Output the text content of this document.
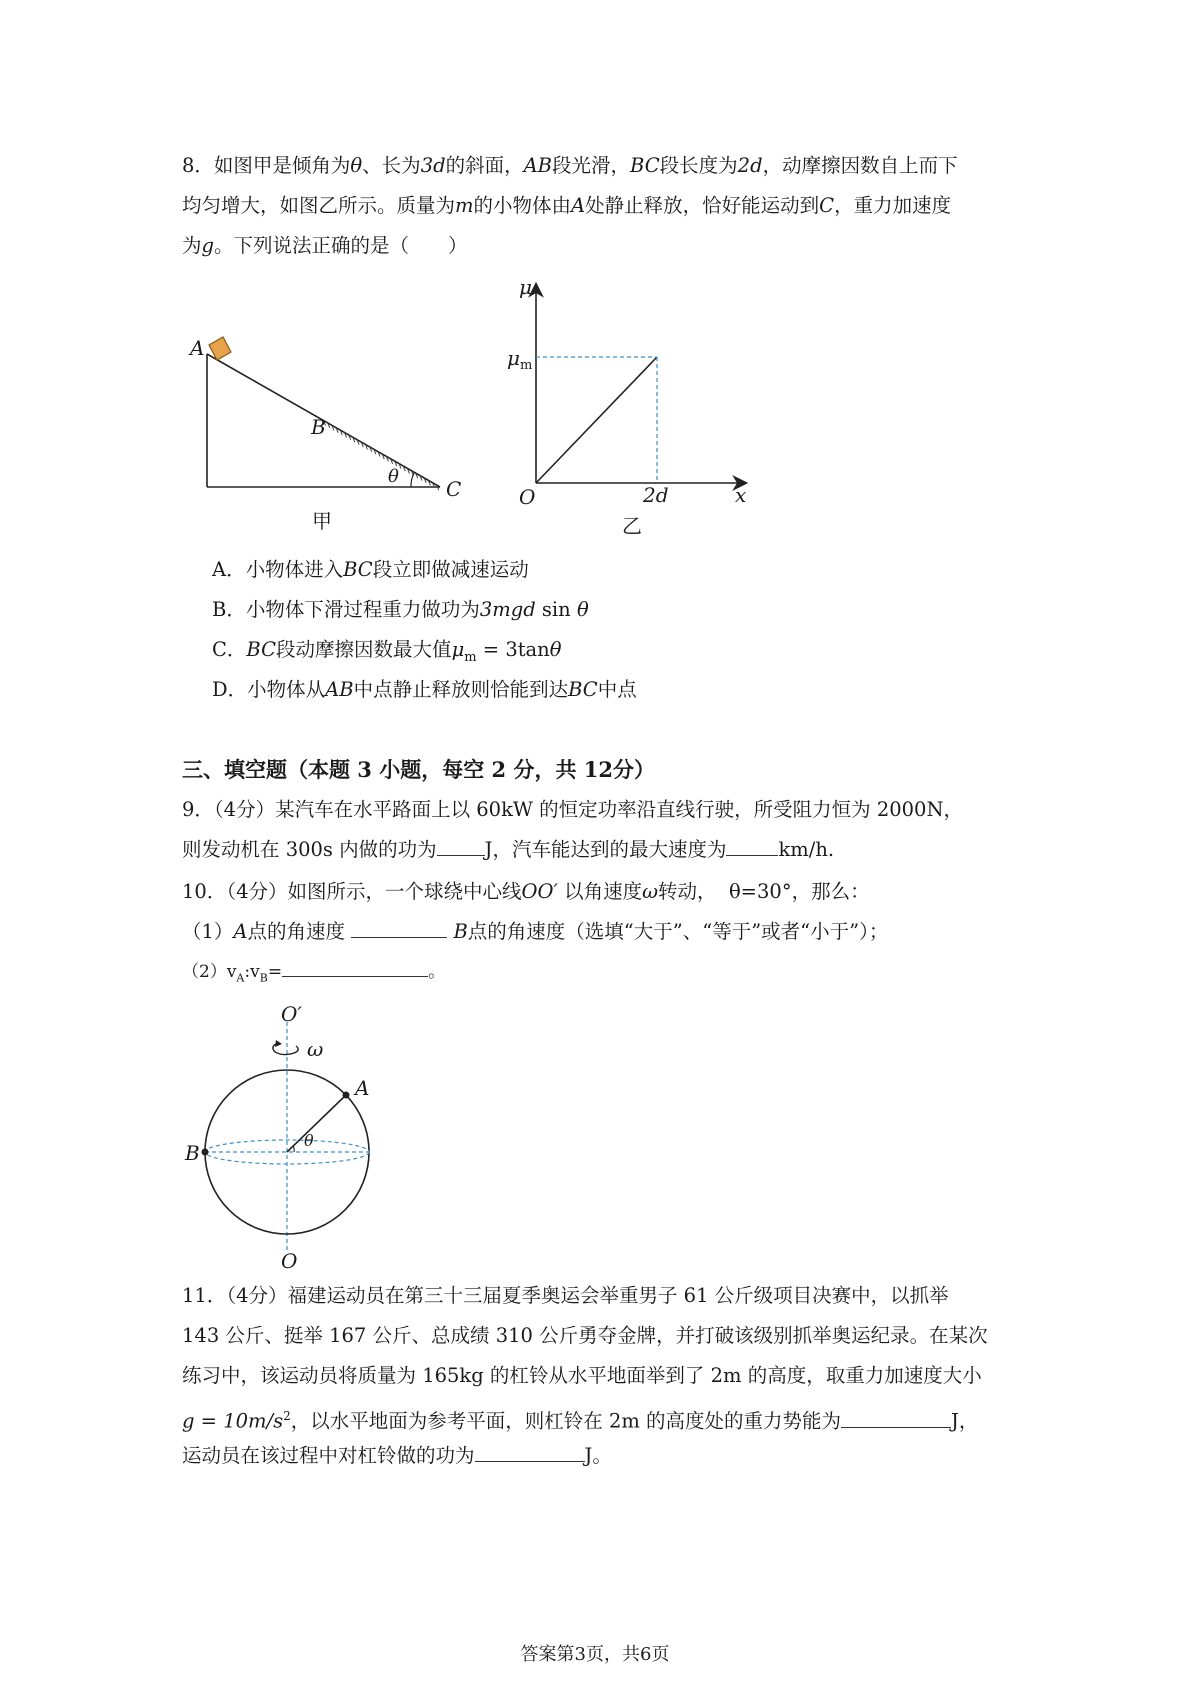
8．如图甲是倾角为θ、长为3d的斜面，AB段光滑，BC段长度为2d，动摩擦因数自上而下
均匀增大，如图乙所示。质量为m的小物体由A处静止释放，恰好能运动到C，重力加速度
为g。下列说法正确的是（　　）
A
B
C
θ
甲
μ
$\mu_m$
O	2d	x
乙
A．小物体进入BC段立即做减速运动
B．小物体下滑过程重力做功为3mgd sin θ
C．BC段动摩擦因数最大值$\mu_m = 3\tan\theta$
D．小物体从AB中点静止释放则恰能到达BC中点
三、填空题（本题 3 小题，每空 2 分，共 12分）
9．（4分）某汽车在水平路面上以 60kW 的恒定功率沿直线行驶，所受阻力恒为 2000N，
则发动机在 300s 内做的功为 J，汽车能达到的最大速度为	km/h.
10．（4分）如图所示，一个球绕中心线OO′ 以角速度ω转动， θ=30°，那么：
（1）A点的角速度	B点的角速度（选填“大于”、“等于”或者“小于”）；
$(2)v_A:v_B=$	。
O′
ω
A
B
θ
O
11．（4分）福建运动员在第三十三届夏季奥运会举重男子 61 公斤级项目决赛中，以抓举
143 公斤、挺举 167 公斤、总成绩 310 公斤勇夺金牌，并打破该级别抓举奥运纪录。在某次
练习中，该运动员将质量为 165kg 的杠铃从水平地面举到了 2m 的高度，取重力加速度大小
$g = 10m/s^2$，以水平地面为参考平面，则杠铃在 2m 的高度处的重力势能为	J，
运动员在该过程中对杠铃做的功为	J。
答案第3页，共6页
